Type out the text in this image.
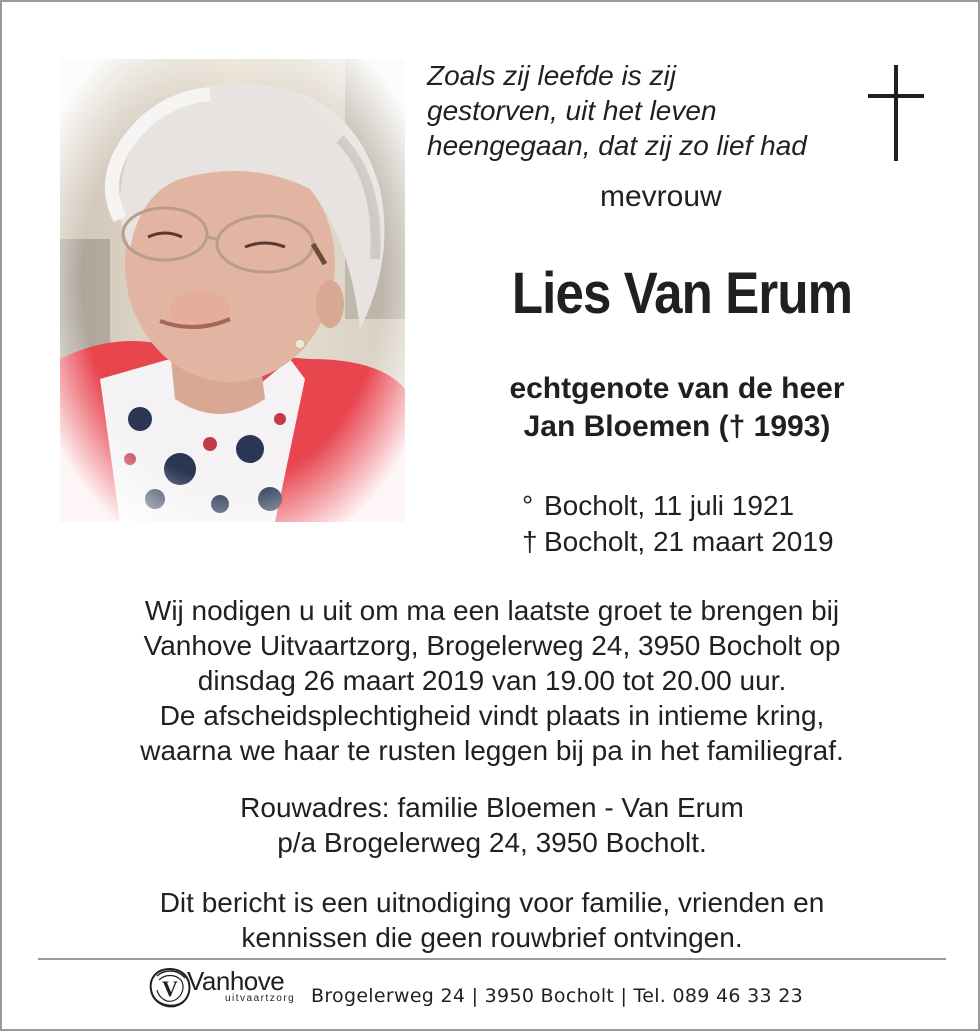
Zoals zij leefde is zij
gestorven, uit het leven
heengegaan, dat zij zo lief had
mevrouw
Lies Van Erum
echtgenote van de heer
Jan Bloemen († 1993)
° Bocholt, 11 juli 1921
† Bocholt, 21 maart 2019
Wij nodigen u uit om ma een laatste groet te brengen bij
Vanhove Uitvaartzorg, Brogelerweg 24, 3950 Bocholt op
dinsdag 26 maart 2019 van 19.00 tot 20.00 uur.
De afscheidsplechtigheid vindt plaats in intieme kring,
waarna we haar te rusten leggen bij pa in het familiegraf.
Rouwadres: familie Bloemen - Van Erum
p/a Brogelerweg 24, 3950 Bocholt.
Dit bericht is een uitnodiging voor familie, vrienden en
kennissen die geen rouwbrief ontvingen.
V Vanhove
uitvaartzorg Brogelerweg 24 | 3950 Bocholt | Tel. 089 46 33 23
